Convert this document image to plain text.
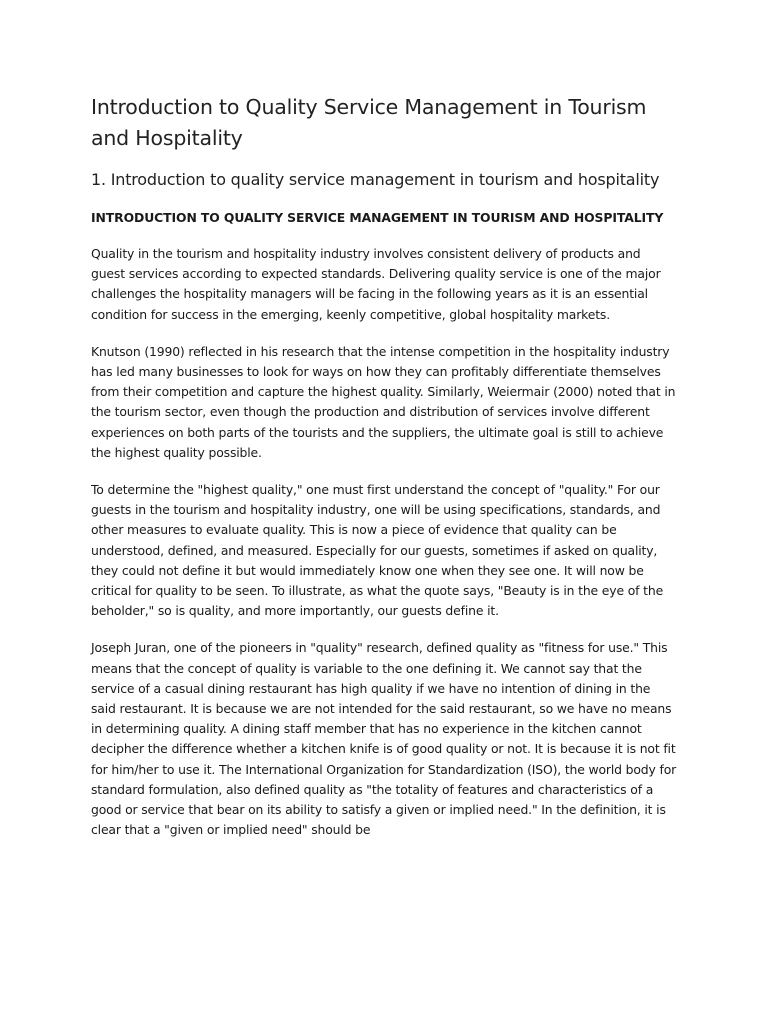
Introduction to Quality Service Management in Tourism and Hospitality
1. Introduction to quality service management in tourism and hospitality
INTRODUCTION TO QUALITY SERVICE MANAGEMENT IN TOURISM AND HOSPITALITY

Quality in the tourism and hospitality industry involves consistent delivery of products and guest services according to expected standards. Delivering quality service is one of the major challenges the hospitality managers will be facing in the following years as it is an essential condition for success in the emerging, keenly competitive, global hospitality markets.

Knutson (1990) reflected in his research that the intense competition in the hospitality industry has led many businesses to look for ways on how they can profitably differentiate themselves from their competition and capture the highest quality. Similarly, Weiermair (2000) noted that in the tourism sector, even though the production and distribution of services involve different experiences on both parts of the tourists and the suppliers, the ultimate goal is still to achieve the highest quality possible.

To determine the "highest quality," one must first understand the concept of "quality." For our guests in the tourism and hospitality industry, one will be using specifications, standards, and other measures to evaluate quality. This is now a piece of evidence that quality can be understood, defined, and measured. Especially for our guests, sometimes if asked on quality, they could not define it but would immediately know one when they see one. It will now be critical for quality to be seen. To illustrate, as what the quote says, "Beauty is in the eye of the beholder," so is quality, and more importantly, our guests define it.

Joseph Juran, one of the pioneers in "quality" research, defined quality as "fitness for use." This means that the concept of quality is variable to the one defining it. We cannot say that the service of a casual dining restaurant has high quality if we have no intention of dining in the said restaurant. It is because we are not intended for the said restaurant, so we have no means in determining quality. A dining staff member that has no experience in the kitchen cannot decipher the difference whether a kitchen knife is of good quality or not. It is because it is not fit for him/her to use it. The International Organization for Standardization (ISO), the world body for standard formulation, also defined quality as "the totality of features and characteristics of a good or service that bear on its ability to satisfy a given or implied need." In the definition, it is clear that a "given or implied need" should be
